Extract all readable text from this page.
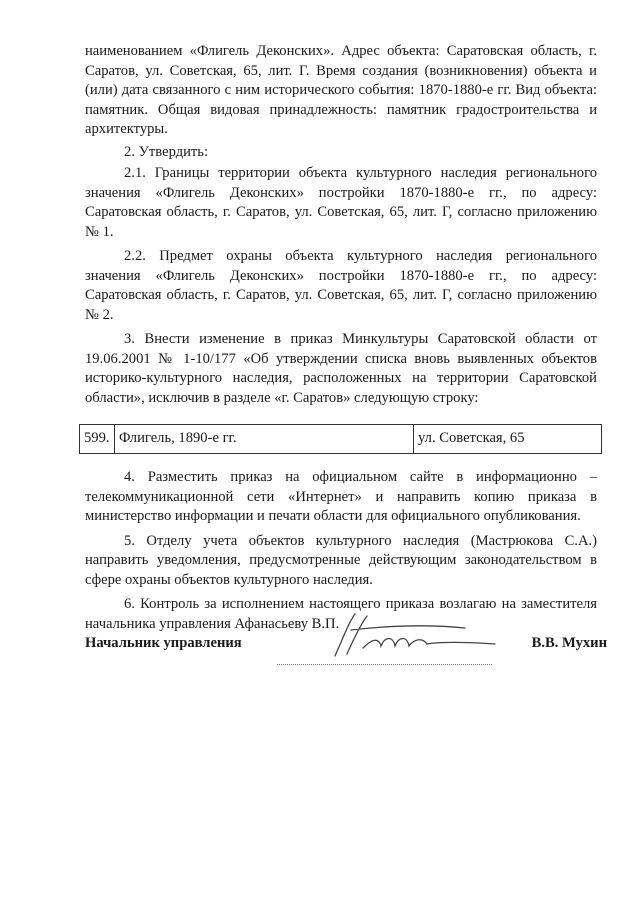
наименованием «Флигель Деконских». Адрес объекта: Саратовская область, г. Саратов, ул. Советская, 65, лит. Г. Время создания (возникновения) объекта и (или) дата связанного с ним исторического события: 1870-1880-е гг. Вид объекта: памятник. Общая видовая принадлежность: памятник градостроительства и архитектуры.

2. Утвердить:

2.1. Границы территории объекта культурного наследия регионального значения «Флигель Деконских» постройки 1870-1880-е гг., по адресу: Саратовская область, г. Саратов, ул. Советская, 65, лит. Г, согласно приложению № 1.

2.2. Предмет охраны объекта культурного наследия регионального значения «Флигель Деконских» постройки 1870-1880-е гг., по адресу: Саратовская область, г. Саратов, ул. Советская, 65, лит. Г, согласно приложению № 2.

3. Внести изменение в приказ Минкультуры Саратовской области от 19.06.2001 № 1-10/177 «Об утверждении списка вновь выявленных объектов историко-культурного наследия, расположенных на территории Саратовской области», исключив в разделе «г. Саратов» следующую строку:

599.	Флигель, 1890-е гг.	ул. Советская, 65

4. Разместить приказ на официальном сайте в информационно – телекоммуникационной сети «Интернет» и направить копию приказа в министерство информации и печати области для официального опубликования.

5. Отделу учета объектов культурного наследия (Мастрюкова С.А.) направить уведомления, предусмотренные действующим законодательством в сфере охраны объектов культурного наследия.

6. Контроль за исполнением настоящего приказа возлагаю на заместителя начальника управления Афанасьеву В.П.

Начальник управления	В.В. Мухин
